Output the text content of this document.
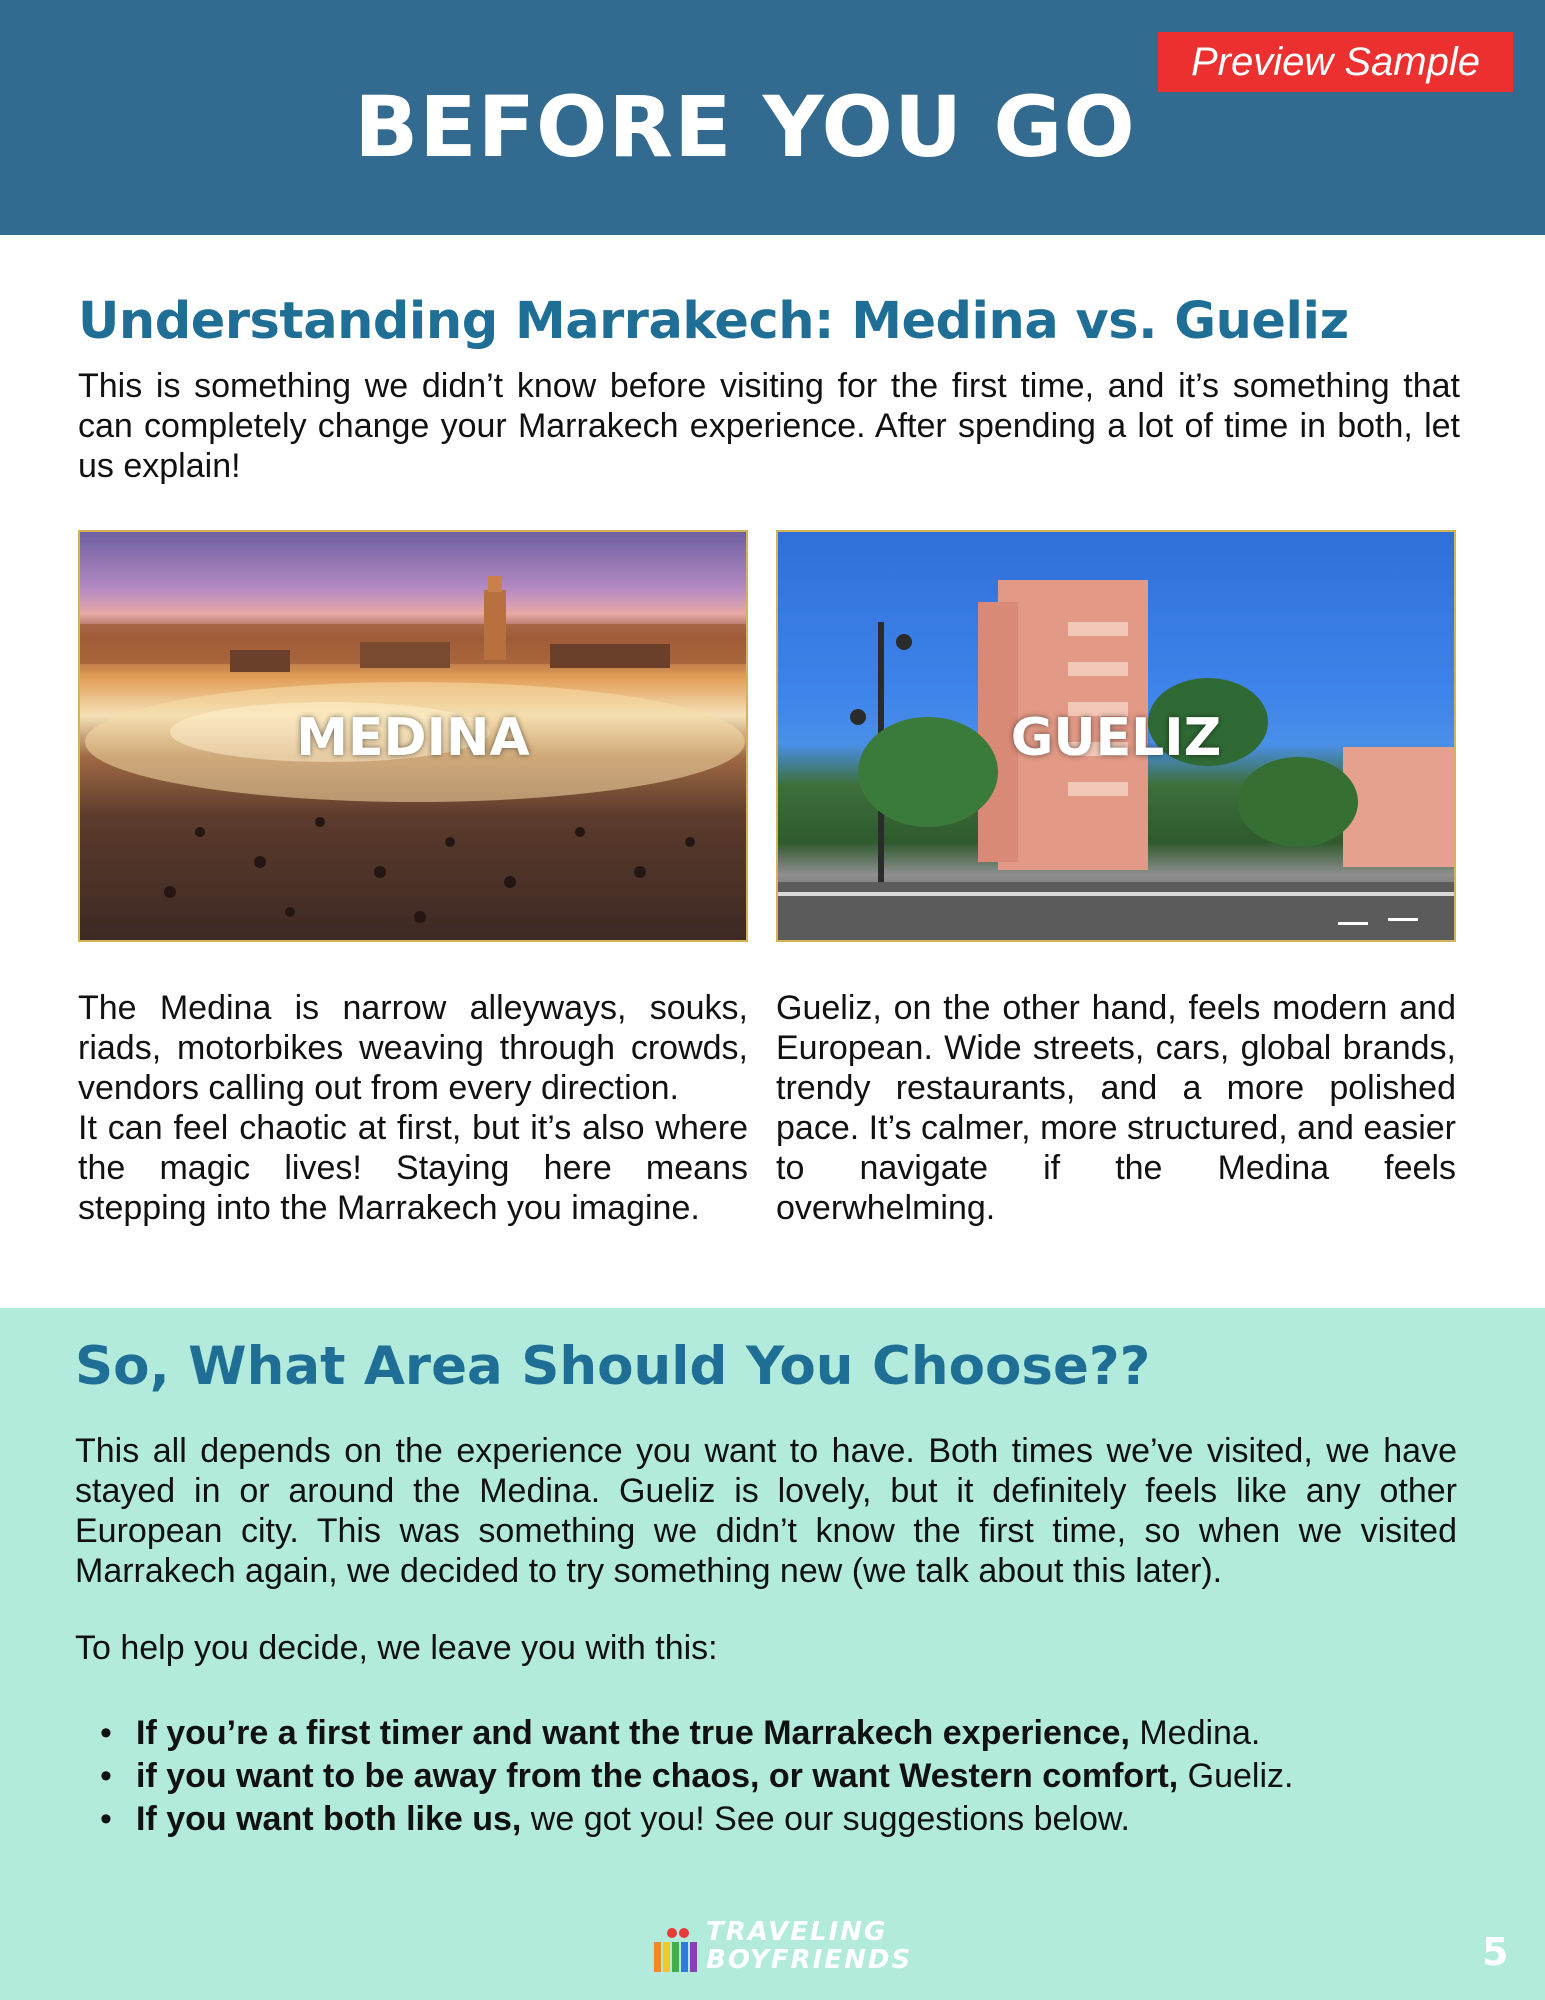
BEFORE YOU GO
Preview Sample
Understanding Marrakech: Medina vs. Gueliz

This is something we didn’t know before visiting for the first time, and it’s something that can completely change your Marrakech experience. After spending a lot of time in both, let us explain!

MEDINA	GUELIZ

The Medina is narrow alleyways, souks, riads, motorbikes weaving through crowds, vendors calling out from every direction.

It can feel chaotic at first, but it’s also where the magic lives! Staying here means stepping into the Marrakech you imagine.

Gueliz, on the other hand, feels modern and European. Wide streets, cars, global brands, trendy restaurants, and a more polished pace. It’s calmer, more structured, and easier to navigate if the Medina feels overwhelming.

So, What Area Should You Choose??

This all depends on the experience you want to have. Both times we’ve visited, we have stayed in or around the Medina. Gueliz is lovely, but it definitely feels like any other European city. This was something we didn’t know the first time, so when we visited Marrakech again, we decided to try something new (we talk about this later).

To help you decide, we leave you with this:

• If you’re a first timer and want the true Marrakech experience, Medina.
• if you want to be away from the chaos, or want Western comfort, Gueliz.
• If you want both like us, we got you! See our suggestions below.
TRAVELING
BOYFRIENDS	5
